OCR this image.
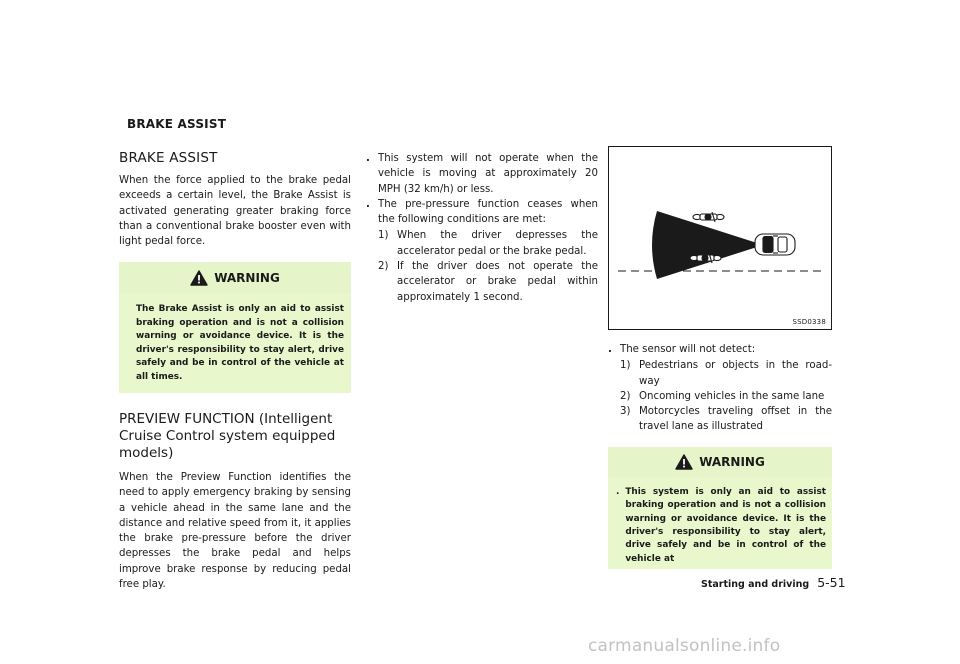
BRAKE ASSIST
BRAKE ASSIST

When the force applied to the brake pedal exceeds a certain level, the Brake Assist is activated generating greater braking force than a conventional brake booster even with light pedal force.

WARNING
The Brake Assist is only an aid to assist braking operation and is not a collision warning or avoidance device. It is the driver's responsibility to stay alert, drive safely and be in control of the vehicle at all times.
PREVIEW FUNCTION (Intelligent Cruise Control system equipped models)

When the Preview Function identifies the need to apply emergency braking by sensing a vehicle ahead in the same lane and the distance and relative speed from it, it applies the brake pre-pressure before the driver depresses the brake pedal and helps improve brake response by reducing pedal free play.

. This system will not operate when the vehicle is moving at approximately 20 MPH (32 km/h) or less.
. The pre-pressure function ceases when the following conditions are met:
1) When the driver depresses the accelerator pedal or the brake pedal.
2) If the driver does not operate the accelerator or brake pedal within approximately 1 second.
SSD0338
. The sensor will not detect:
1) Pedestrians or objects in the road-way
2) Oncoming vehicles in the same lane
3) Motorcycles traveling offset in the travel lane as illustrated
WARNING
. This system is only an aid to assist braking operation and is not a collision warning or avoidance device. It is the driver's responsibility to stay alert, drive safely and be in control of the vehicle at
Starting and driving 5-51
carmanualsonline.info
